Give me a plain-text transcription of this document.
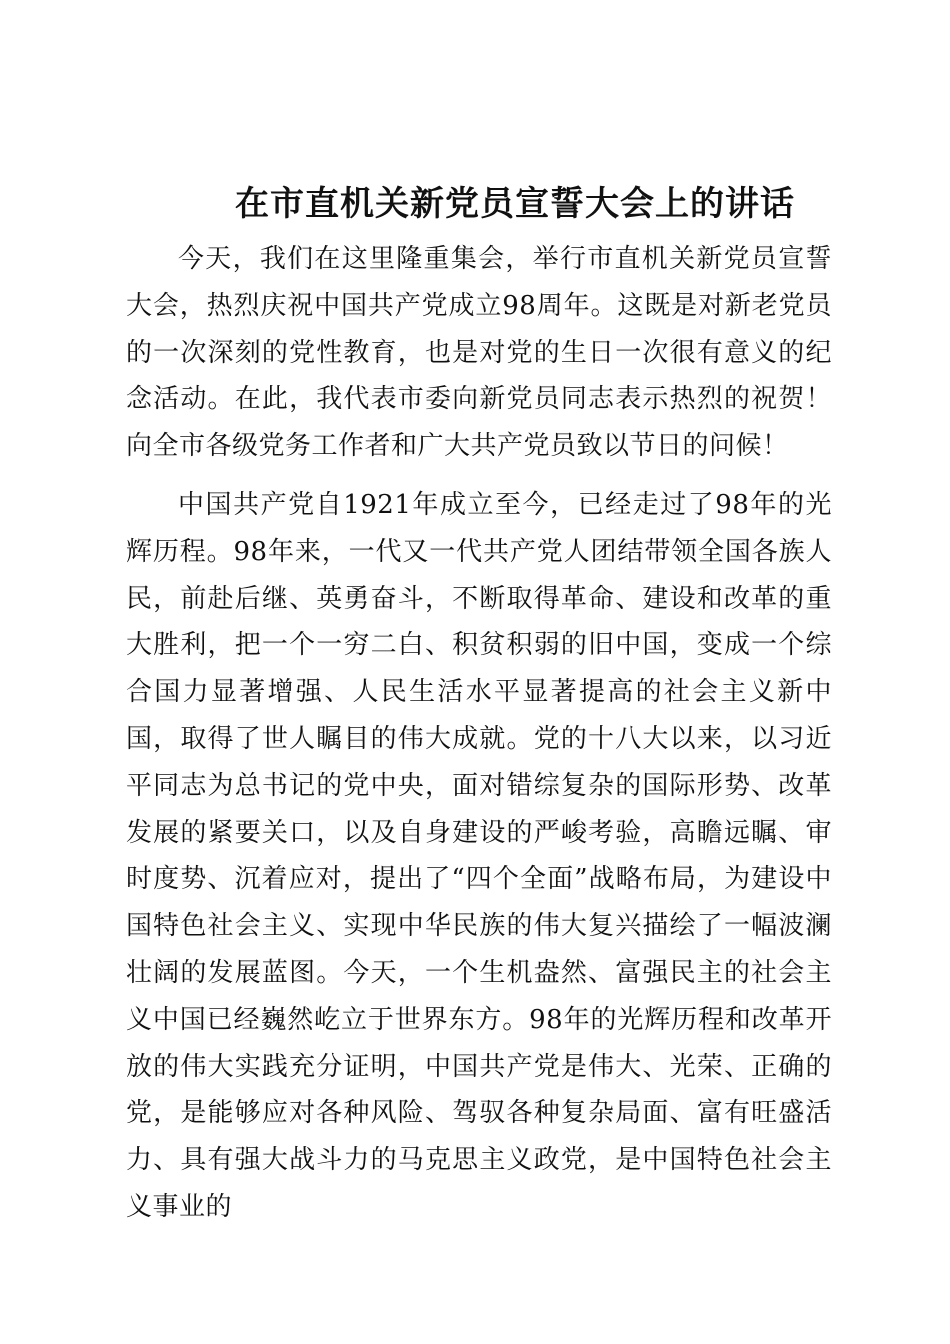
在市直机关新党员宣誓大会上的讲话

今天，我们在这里隆重集会，举行市直机关新党员宣誓大会，热烈庆祝中国共产党成立98周年。这既是对新老党员的一次深刻的党性教育，也是对党的生日一次很有意义的纪念活动。在此，我代表市委向新党员同志表示热烈的祝贺！向全市各级党务工作者和广大共产党员致以节日的问候！

中国共产党自1921年成立至今，已经走过了98年的光辉历程。98年来，一代又一代共产党人团结带领全国各族人民，前赴后继、英勇奋斗，不断取得革命、建设和改革的重大胜利，把一个一穷二白、积贫积弱的旧中国，变成一个综合国力显著增强、人民生活水平显著提高的社会主义新中国，取得了世人瞩目的伟大成就。党的十八大以来，以习近平同志为总书记的党中央，面对错综复杂的国际形势、改革发展的紧要关口，以及自身建设的严峻考验，高瞻远瞩、审时度势、沉着应对，提出了“四个全面”战略布局，为建设中国特色社会主义、实现中华民族的伟大复兴描绘了一幅波澜壮阔的发展蓝图。今天，一个生机盎然、富强民主的社会主义中国已经巍然屹立于世界东方。98年的光辉历程和改革开放的伟大实践充分证明，中国共产党是伟大、光荣、正确的党，是能够应对各种风险、驾驭各种复杂局面、富有旺盛活力、具有强大战斗力的马克思主义政党，是中国特色社会主义事业的
